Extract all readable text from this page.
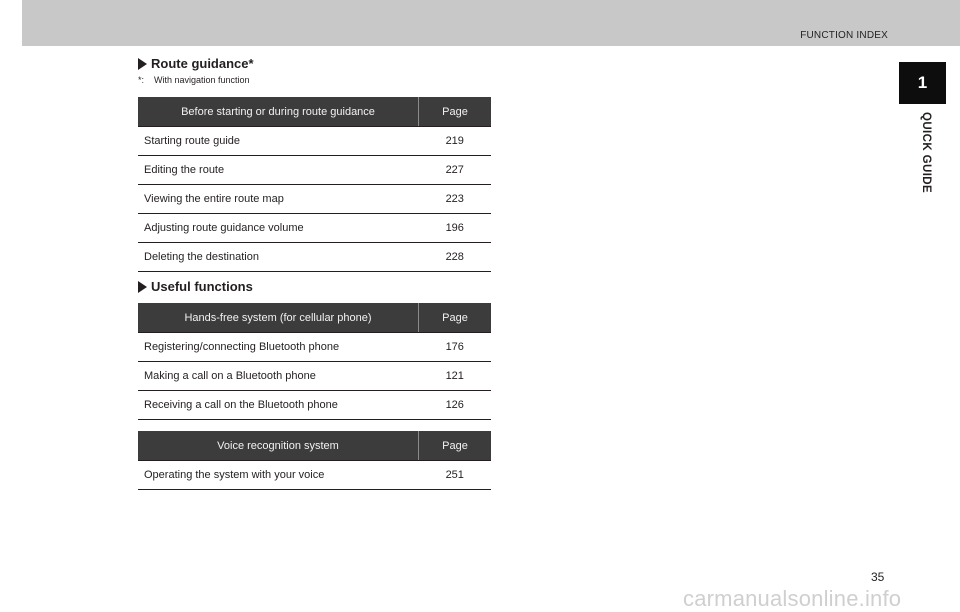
FUNCTION INDEX
1
QUICK GUIDE
Route guidance*
*: With navigation function
Before starting or during route guidance	Page
Starting route guide	219
Editing the route	227
Viewing the entire route map	223
Adjusting route guidance volume	196
Deleting the destination	228
Useful functions
Hands-free system (for cellular phone)	Page
Registering/connecting Bluetooth phone	176
Making a call on a Bluetooth phone	121
Receiving a call on the Bluetooth phone	126
Voice recognition system	Page
Operating the system with your voice	251
35
carmanualsonline.info
